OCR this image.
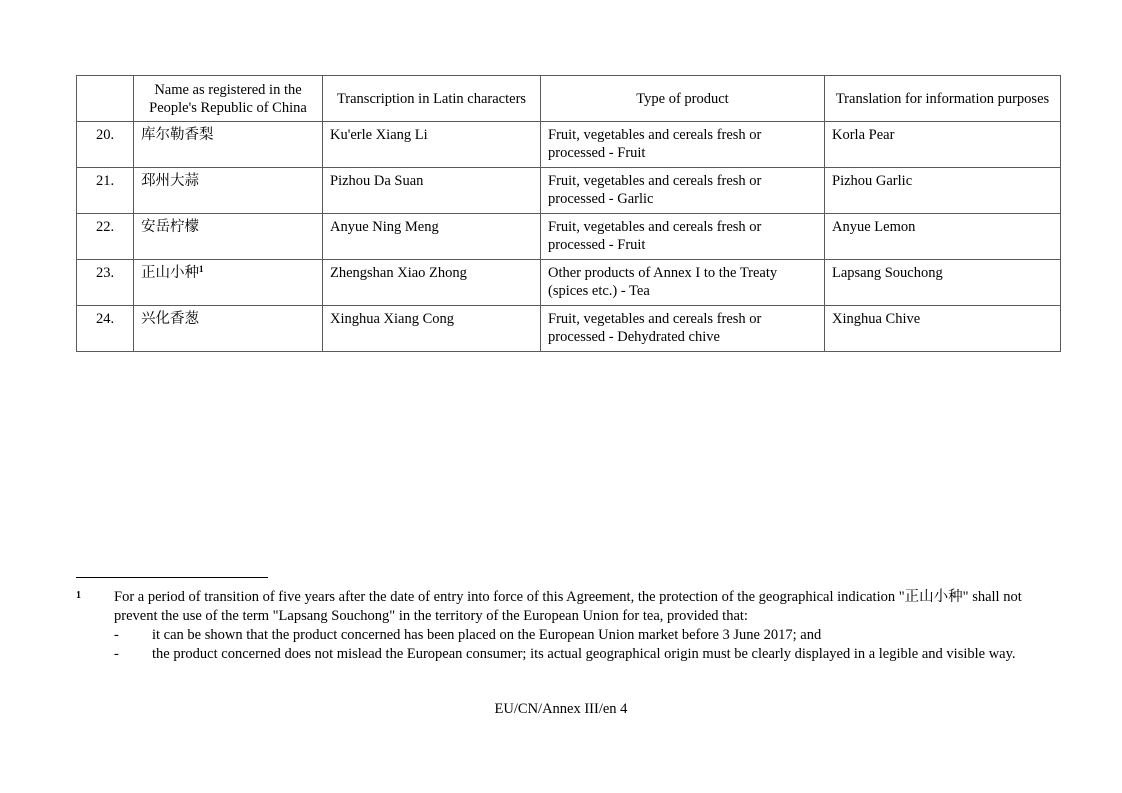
	Name as registered in the People's Republic of China	Transcription in Latin characters	Type of product	Translation for information purposes
20.	库尔勒香梨	Ku'erle Xiang Li	Fruit, vegetables and cereals fresh or processed - Fruit	Korla Pear
21.	邳州大蒜	Pizhou Da Suan	Fruit, vegetables and cereals fresh or processed - Garlic	Pizhou Garlic
22.	安岳柠檬	Anyue Ning Meng	Fruit, vegetables and cereals fresh or processed - Fruit	Anyue Lemon
23.	正山小种$^1$	Zhengshan Xiao Zhong	Other products of Annex I to the Treaty (spices etc.) - Tea	Lapsang Souchong
24.	兴化香葱	Xinghua Xiang Cong	Fruit, vegetables and cereals fresh or processed - Dehydrated chive	Xinghua Chive
1 For a period of transition of five years after the date of entry into force of this Agreement, the protection of the geographical indication "正山小种" shall not prevent the use of the term "Lapsang Souchong" in the territory of the European Union for tea, provided that:
- it can be shown that the product concerned has been placed on the European Union market before 3 June 2017; and
- the product concerned does not mislead the European consumer; its actual geographical origin must be clearly displayed in a legible and visible way.
EU/CN/Annex III/en 4
